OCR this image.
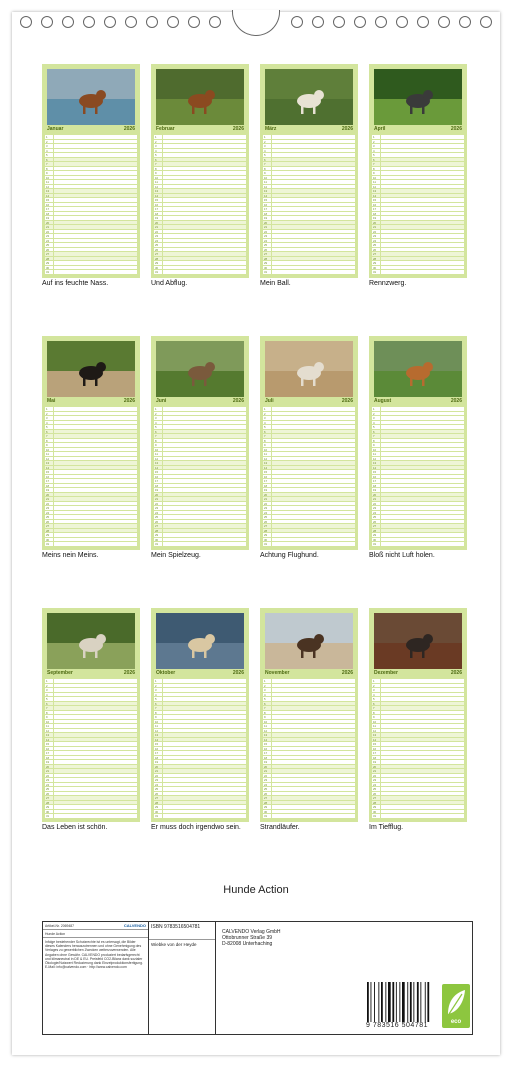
Januar	2026
1
2
3
4
5
6
7
8
9
10
11
12
13
14
15
16
17
18
19
20
21
22
23
24
25
26
27
28
29
30
31
Auf ins feuchte Nass.
Februar	2026
1
2
3
4
5
6
7
8
9
10
11
12
13
14
15
16
17
18
19
20
21
22
23
24
25
26
27
28
29
30
31
Und Abflug.
März	2026
1
2
3
4
5
6
7
8
9
10
11
12
13
14
15
16
17
18
19
20
21
22
23
24
25
26
27
28
29
30
31
Mein Ball.
April	2026
1
2
3
4
5
6
7
8
9
10
11
12
13
14
15
16
17
18
19
20
21
22
23
24
25
26
27
28
29
30
31
Rennzwerg.
Mai	2026
1
2
3
4
5
6
7
8
9
10
11
12
13
14
15
16
17
18
19
20
21
22
23
24
25
26
27
28
29
30
31
Meins nein Meins.
Juni	2026
1
2
3
4
5
6
7
8
9
10
11
12
13
14
15
16
17
18
19
20
21
22
23
24
25
26
27
28
29
30
31
Mein Spielzeug.
Juli	2026
1
2
3
4
5
6
7
8
9
10
11
12
13
14
15
16
17
18
19
20
21
22
23
24
25
26
27
28
29
30
31
Achtung Flughund.
August	2026
1
2
3
4
5
6
7
8
9
10
11
12
13
14
15
16
17
18
19
20
21
22
23
24
25
26
27
28
29
30
31
Bloß nicht Luft holen.
September	2026
1
2
3
4
5
6
7
8
9
10
11
12
13
14
15
16
17
18
19
20
21
22
23
24
25
26
27
28
29
30
31
Das Leben ist schön.
Oktober	2026
1
2
3
4
5
6
7
8
9
10
11
12
13
14
15
16
17
18
19
20
21
22
23
24
25
26
27
28
29
30
31
Er muss doch irgendwo sein.
November	2026
1
2
3
4
5
6
7
8
9
10
11
12
13
14
15
16
17
18
19
20
21
22
23
24
25
26
27
28
29
30
31
Strandläufer.
Dezember	2026
1
2
3
4
5
6
7
8
9
10
11
12
13
14
15
16
17
18
19
20
21
22
23
24
25
26
27
28
29
30
31
Im Tiefflug.
Hunde Action
Artikel-Nr. 2069487	CALVENDO
Hunde Action
Infolge bestehender Schutzrechte ist es untersagt, die Bilder dieses Kalenders herauszutrennen und ohne Genehmigung des Verlages zu gewerblichen Zwecken weiterzuverwenden. Alle Angaben ohne Gewähr. CALVENDO produziert bedarfsgerecht und klimaneutral in DE & EU. Preisfeld CO2-Bilanz dank sozialer Ökologie/Nutzwert Reduzierung dank Einzelproduktionsfertigung. E-Mail: info@calvendo.com · http://www.calvendo.com
ISBN 9783516504781
Wiebke von der Heyde
CALVENDO Verlag GmbH
Ottobrunner Straße 39
D-82008 Unterhaching
9 783516 504781	eco
